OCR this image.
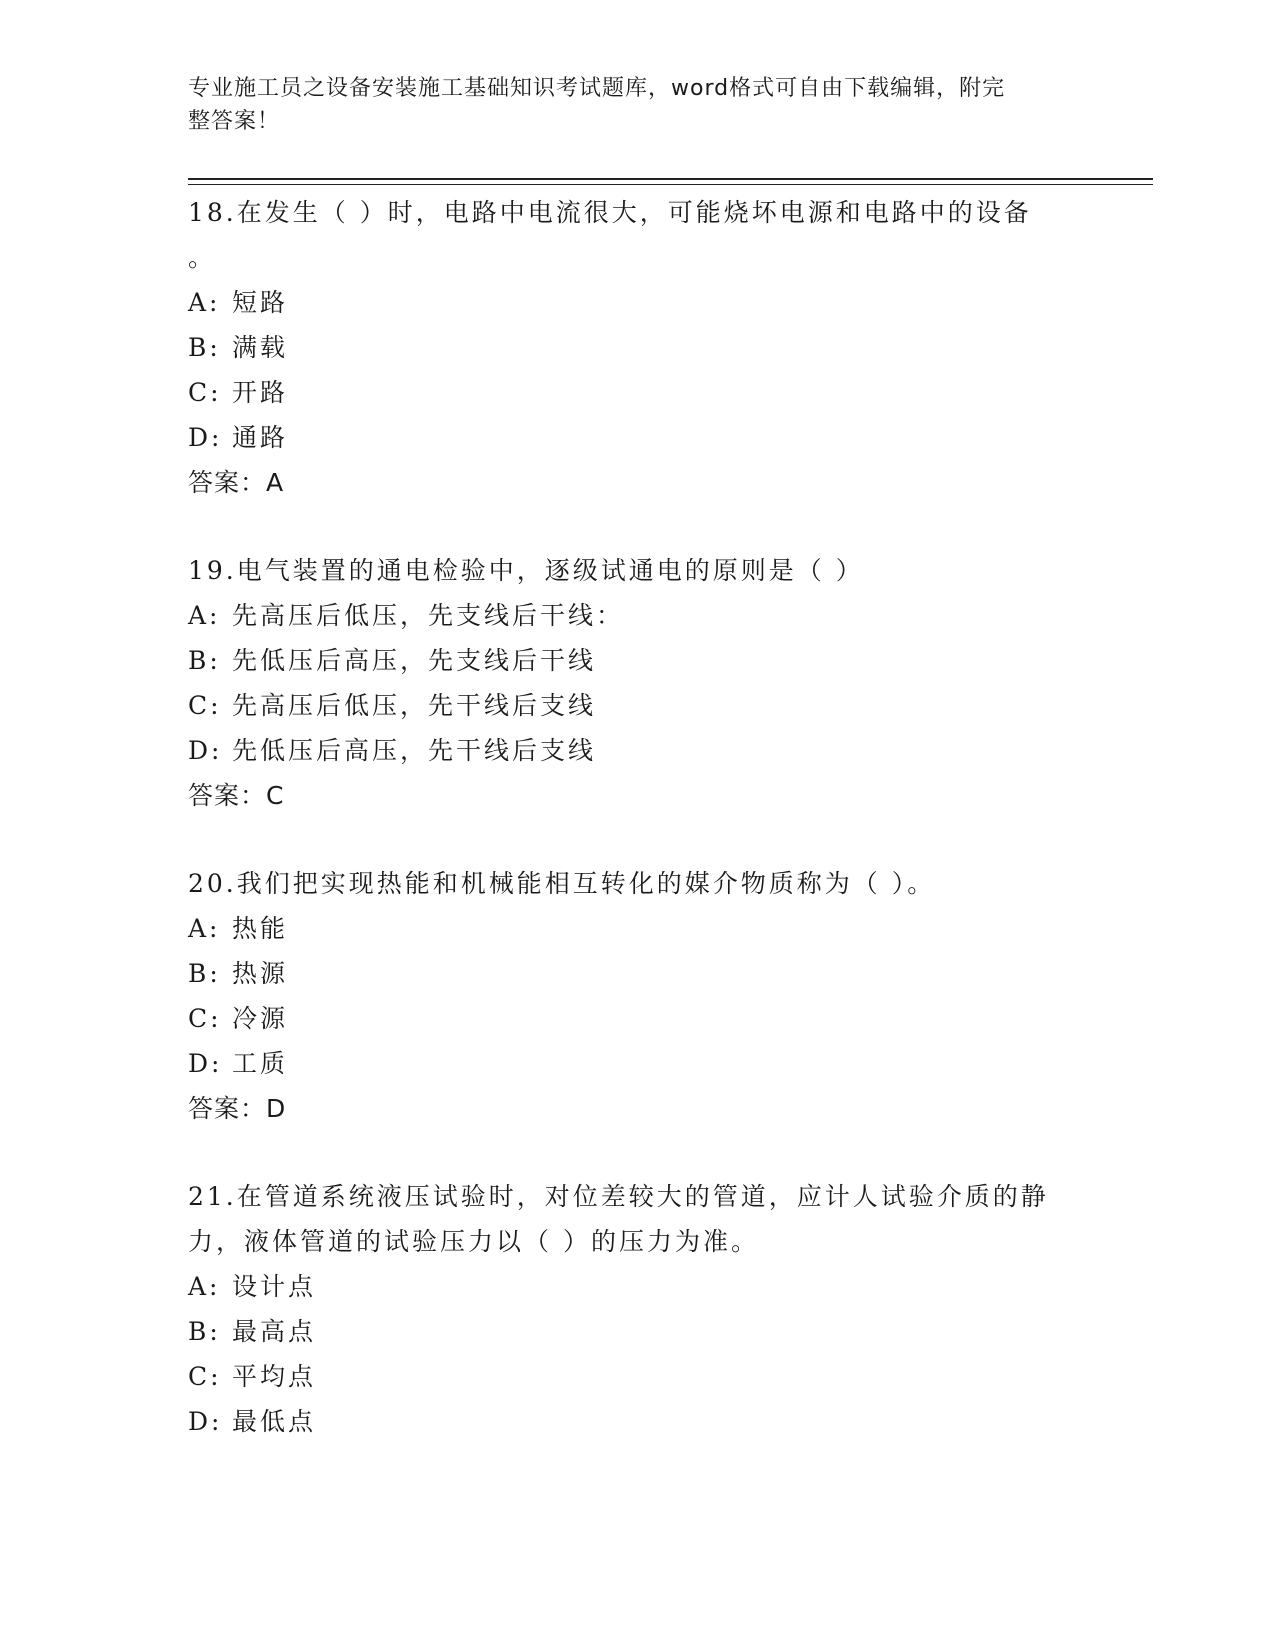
专业施工员之设备安装施工基础知识考试题库，word格式可自由下载编辑，附完
整答案！

18.在发生（ ）时，电路中电流很大，可能烧坏电源和电路中的设备

。

A: 短路

B: 满载

C: 开路

D: 通路

答案：A

19.电气装置的通电检验中，逐级试通电的原则是（ ）

A: 先高压后低压，先支线后干线：

B: 先低压后高压，先支线后干线

C: 先高压后低压，先干线后支线

D: 先低压后高压，先干线后支线

答案：C

20.我们把实现热能和机械能相互转化的媒介物质称为（ ）。

A: 热能

B: 热源

C: 冷源

D: 工质

答案：D

21.在管道系统液压试验时，对位差较大的管道，应计人试验介质的静

力，液体管道的试验压力以（ ）的压力为准。

A: 设计点

B: 最高点

C: 平均点

D: 最低点
